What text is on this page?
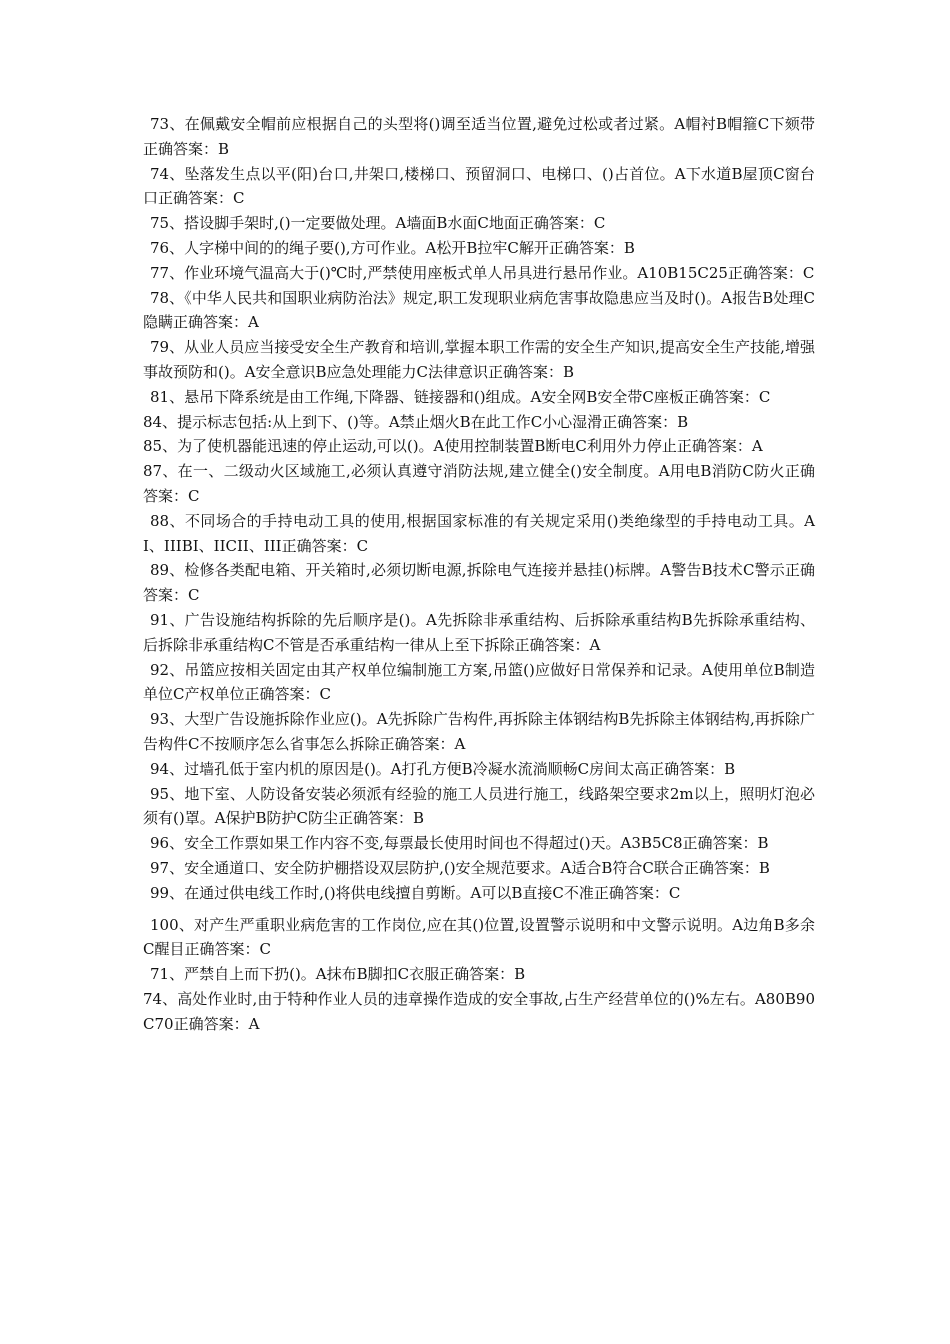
73、在佩戴安全帽前应根据自己的头型将()调至适当位置,避免过松或者过紧。A帽衬B帽箍C下颏带正确答案：B

74、坠落发生点以平(阳)台口,井架口,楼梯口、预留洞口、电梯口、()占首位。A下水道B屋顶C窗台口正确答案：C

75、搭设脚手架时,()一定要做处理。A墙面B水面C地面正确答案：C

76、人字梯中间的的绳子要(),方可作业。A松开B拉牢C解开正确答案：B

77、作业环境气温高大于()℃时,严禁使用座板式单人吊具进行悬吊作业。A10B15C25正确答案：C

78、《中华人民共和国职业病防治法》规定,职工发现职业病危害事故隐患应当及时()。A报告B处理C隐瞒正确答案：A

79、从业人员应当接受安全生产教育和培训,掌握本职工作需的安全生产知识,提高安全生产技能,增强事故预防和()。A安全意识B应急处理能力C法律意识正确答案：B

81、悬吊下降系统是由工作绳,下降器、链接器和()组成。A安全网B安全带C座板正确答案：C

84、提示标志包括:从上到下、()等。A禁止烟火B在此工作C小心湿滑正确答案：B

85、为了使机器能迅速的停止运动,可以()。A使用控制装置B断电C利用外力停止正确答案：A

87、在一、二级动火区域施工,必须认真遵守消防法规,建立健全()安全制度。A用电B消防C防火正确答案：C

88、不同场合的手持电动工具的使用,根据国家标准的有关规定采用()类绝缘型的手持电动工具。AI、IIIBI、IICII、III正确答案：C

89、检修各类配电箱、开关箱时,必须切断电源,拆除电气连接并悬挂()标牌。A警告B技术C警示正确答案：C

91、广告设施结构拆除的先后顺序是()。A先拆除非承重结构、后拆除承重结构B先拆除承重结构、后拆除非承重结构C不管是否承重结构一律从上至下拆除正确答案：A

92、吊篮应按相关固定由其产权单位编制施工方案,吊篮()应做好日常保养和记录。A使用单位B制造单位C产权单位正确答案：C

93、大型广告设施拆除作业应()。A先拆除广告构件,再拆除主体钢结构B先拆除主体钢结构,再拆除广告构件C不按顺序怎么省事怎么拆除正确答案：A

94、过墙孔低于室内机的原因是()。A打孔方便B冷凝水流淌顺畅C房间太高正确答案：B

95、地下室、人防设备安装必须派有经验的施工人员进行施工，线路架空要求2m以上，照明灯泡必须有()罩。A保护B防护C防尘正确答案：B

96、安全工作票如果工作内容不变,每票最长使用时间也不得超过()天。A3B5C8正确答案：B

97、安全通道口、安全防护棚搭设双层防护,()安全规范要求。A适合B符合C联合正确答案：B

99、在通过供电线工作时,()将供电线擅自剪断。A可以B直接C不准正确答案：C

100、对产生严重职业病危害的工作岗位,应在其()位置,设置警示说明和中文警示说明。A边角B多余C醒目正确答案：C

71、严禁自上而下扔()。A抹布B脚扣C衣服正确答案：B

74、高处作业时,由于特种作业人员的违章操作造成的安全事故,占生产经营单位的()%左右。A80B90C70正确答案：A
